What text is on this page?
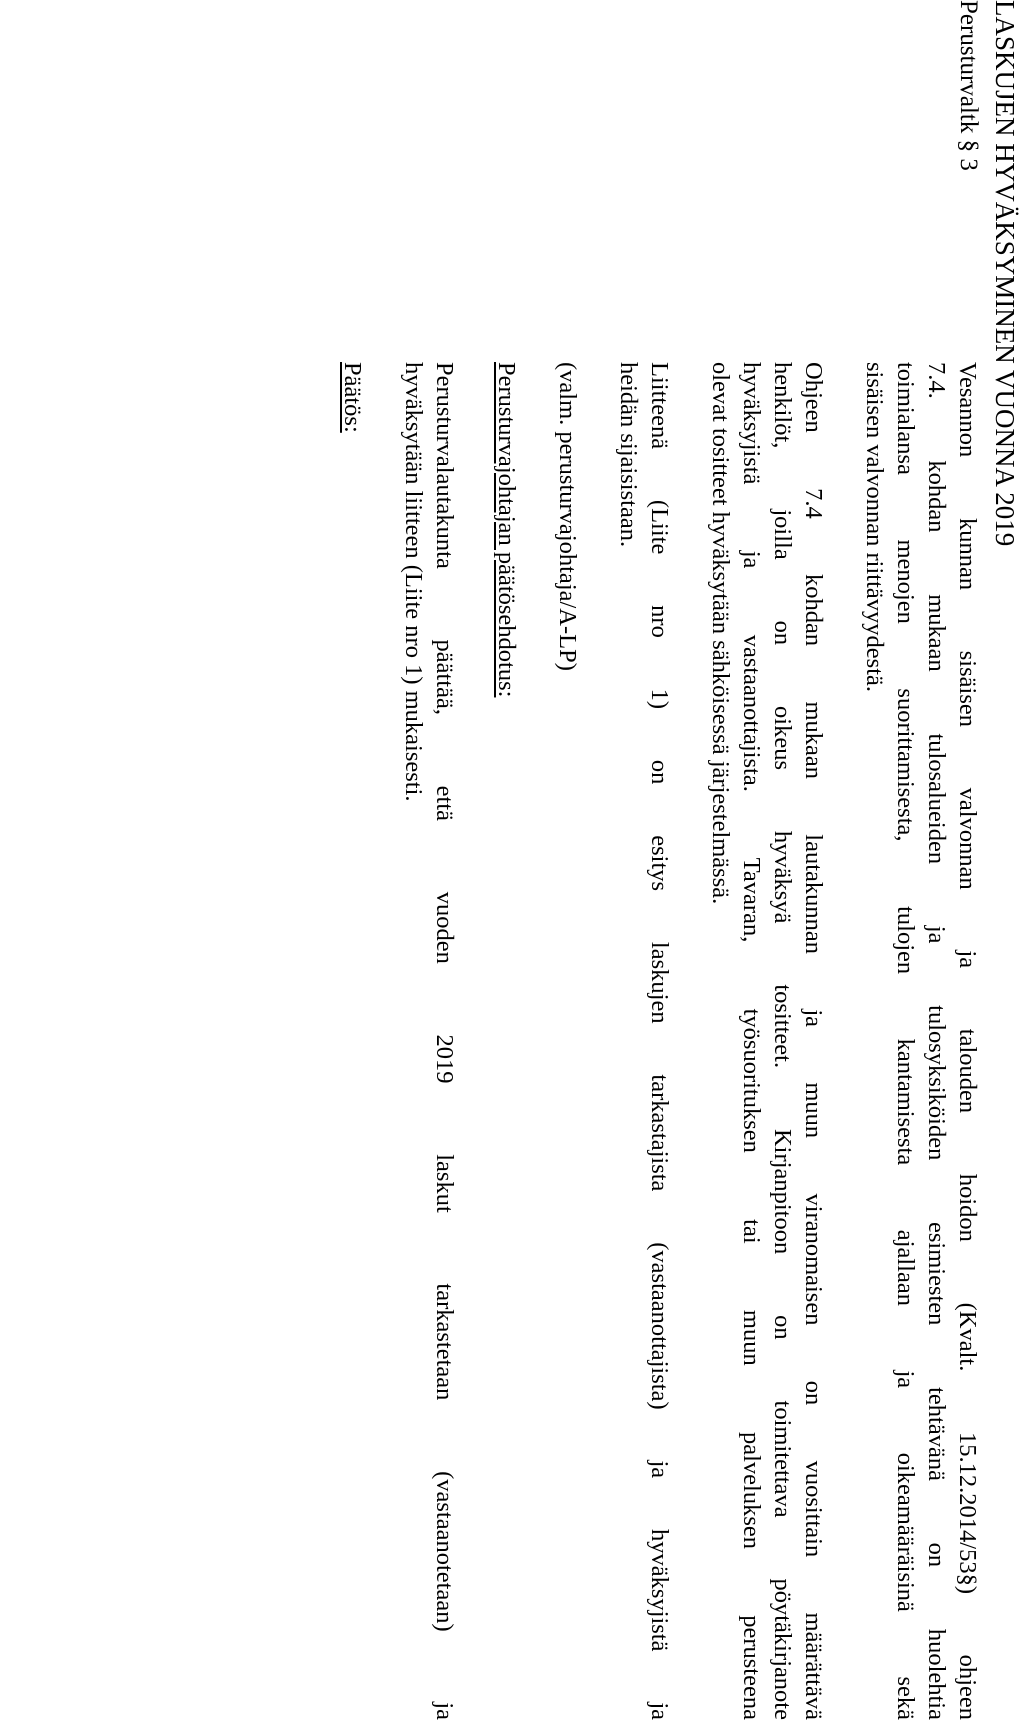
LASKUJEN HYVÄKSYMINEN VUONNA 2019
Perusturvaltk § 3
Vesannon kunnan sisäisen valvonnan ja talouden hoidon (Kvalt. 15.12.2014/53§) ohjeen
7.4. kohdan mukaan tulosalueiden ja tulosyksiköiden esimiesten tehtävänä on huolehtia
toimialansa menojen suorittamisesta, tulojen kantamisesta ajallaan ja oikeamääräisinä sekä
sisäisen valvonnan riittävyydestä.
Ohjeen 7.4 kohdan mukaan lautakunnan ja muun viranomaisen on vuosittain määrättävä
henkilöt, joilla on oikeus hyväksyä tositteet. Kirjanpitoon on toimitettava pöytäkirjanote
hyväksyjistä ja vastaanottajista. Tavaran, työsuorituksen tai muun palveluksen perusteena
olevat tositteet hyväksytään sähköisessä järjestelmässä.
Liitteenä (Liite nro 1) on esitys laskujen tarkastajista (vastaanottajista) ja hyväksyjistä ja
heidän sijaisistaan.
(valm. perusturvajohtaja/A-LP)
Perusturvajohtajan päätösehdotus:
Perusturvalautakunta päättää, että vuoden 2019 laskut tarkastetaan (vastaanotetaan) ja
hyväksytään liitteen (Liite nro 1) mukaisesti.
Päätös:
